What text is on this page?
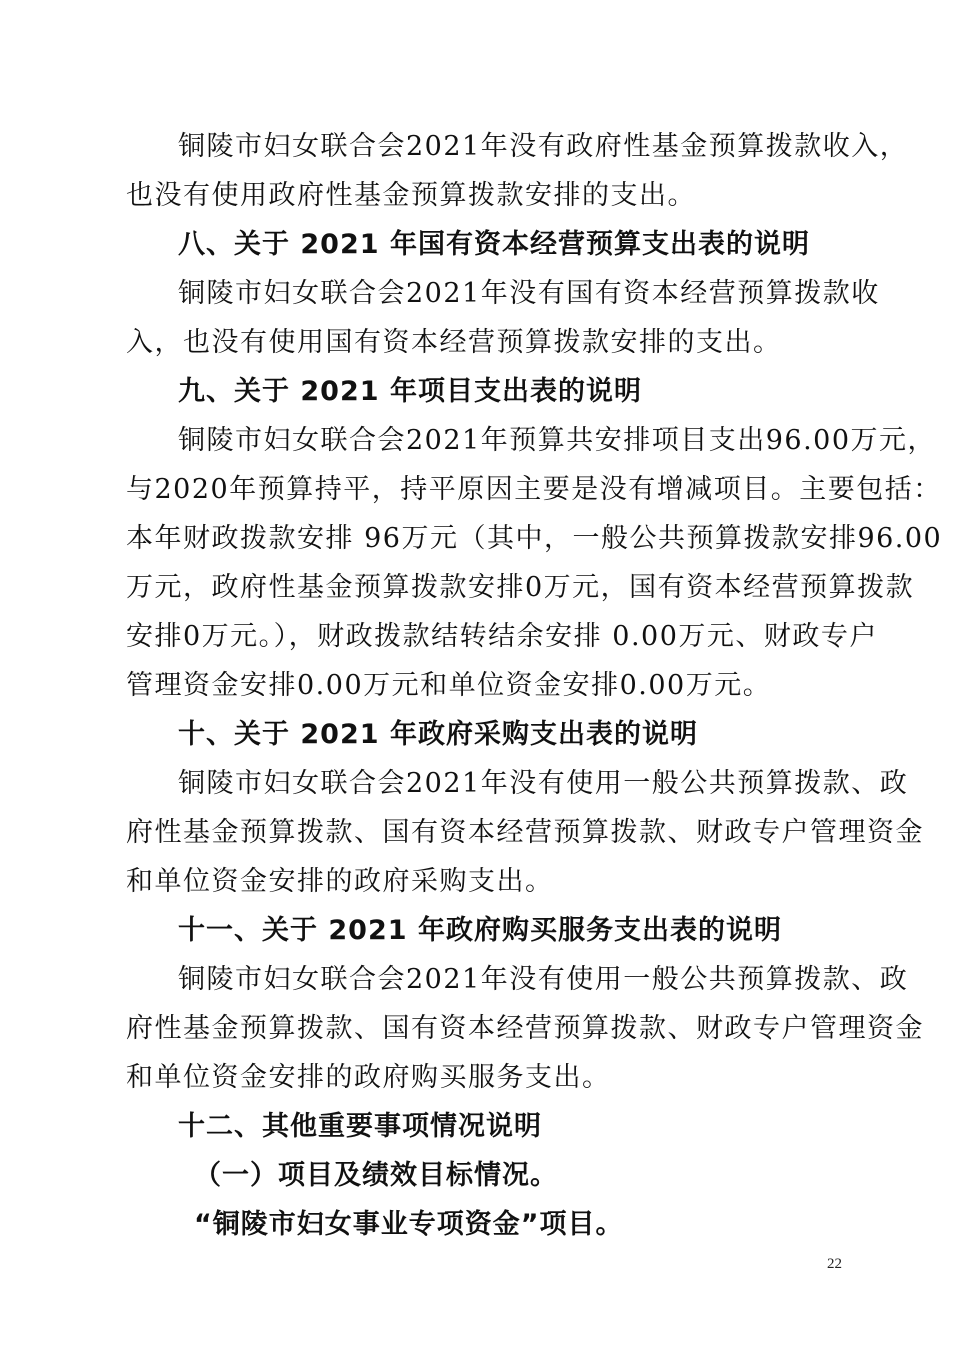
铜陵市妇女联合会2021年没有政府性基金预算拨款收入，
也没有使用政府性基金预算拨款安排的支出。
八、关于 2021 年国有资本经营预算支出表的说明
铜陵市妇女联合会2021年没有国有资本经营预算拨款收
入，也没有使用国有资本经营预算拨款安排的支出。
九、关于 2021 年项目支出表的说明
铜陵市妇女联合会2021年预算共安排项目支出96.00万元，
与2020年预算持平，持平原因主要是没有增减项目。主要包括：
本年财政拨款安排 96万元（其中，一般公共预算拨款安排96.00
万元，政府性基金预算拨款安排0万元，国有资本经营预算拨款
安排0万元。），财政拨款结转结余安排 0.00万元、财政专户
管理资金安排0.00万元和单位资金安排0.00万元。
十、关于 2021 年政府采购支出表的说明
铜陵市妇女联合会2021年没有使用一般公共预算拨款、政
府性基金预算拨款、国有资本经营预算拨款、财政专户管理资金
和单位资金安排的政府采购支出。
十一、关于 2021 年政府购买服务支出表的说明
铜陵市妇女联合会2021年没有使用一般公共预算拨款、政
府性基金预算拨款、国有资本经营预算拨款、财政专户管理资金
和单位资金安排的政府购买服务支出。
十二、其他重要事项情况说明
（一）项目及绩效目标情况。
“铜陵市妇女事业专项资金”项目。
22
